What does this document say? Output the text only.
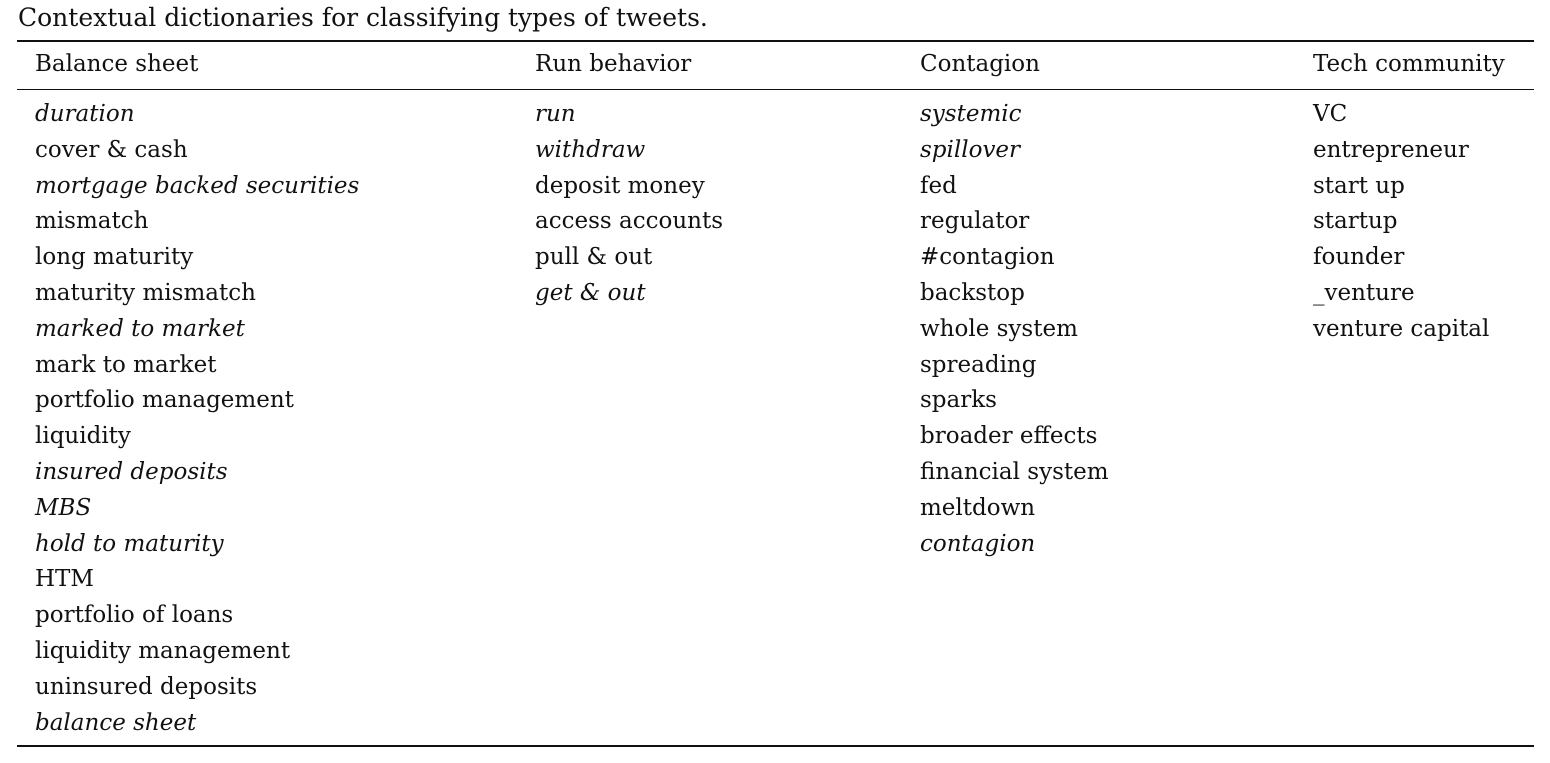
Contextual dictionaries for classifying types of tweets.
Balance sheet
duration
cover & cash
mortgage backed securities
mismatch
long maturity
maturity mismatch
marked to market
mark to market
portfolio management
liquidity
insured deposits
MBS
hold to maturity
HTM
portfolio of loans
liquidity management
uninsured deposits
balance sheet
Run behavior
run
withdraw
deposit money
access accounts
pull & out
get & out
Contagion
systemic
spillover
fed
regulator
#contagion
backstop
whole system
spreading
sparks
broader effects
financial system
meltdown
contagion
Tech community
VC
entrepreneur
start up
startup
founder
_venture
venture capital
